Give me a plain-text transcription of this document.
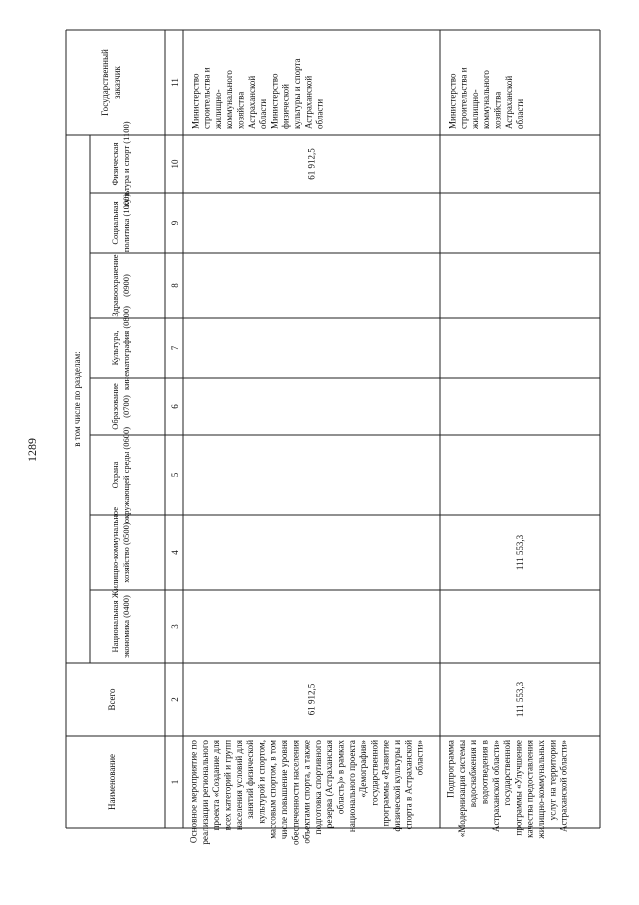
1289
Наименование
Всего
в том числе по разделам:
Национальная экономика (0400)
Жилищно-коммунальное хозяйство (0500)
Охрана окружающей среды (0600)
Образование (0700)
Культура, кинематография (0800)
Здравоохранение (0900)
Социальная политика (1000)
Физическая культура и спорт (1100)
Государственный заказчик
1
2
3
4
5
6
7
8
9
10
11
Основное мероприятие по реализации регионального проекта «Создание для всех категорий и групп населения условий для занятий физической культурой и спортом, массовым спортом, в том числе повышение уровня обеспеченности населения объектами спорта, а также подготовка спортивного резерва (Астраханская область)» в рамках национального проекта «Демография» государственной программы «Развитие физической культуры и спорта в Астраханской области»
61 912,5
61 912,5
Министерство строительства и жилищно- коммунального хозяйства Астраханской области Министерство физической культуры и спорта Астраханской области
Подпрограмма «Модернизация системы водоснабжения и водоотведения в Астраханской области» государственной программы «Улучшение качества предоставления жилищно-коммунальных услуг на территории Астраханской области»
111 553,3
111 553,3
Министерство строительства и жилищно- коммунального хозяйства Астраханской области
